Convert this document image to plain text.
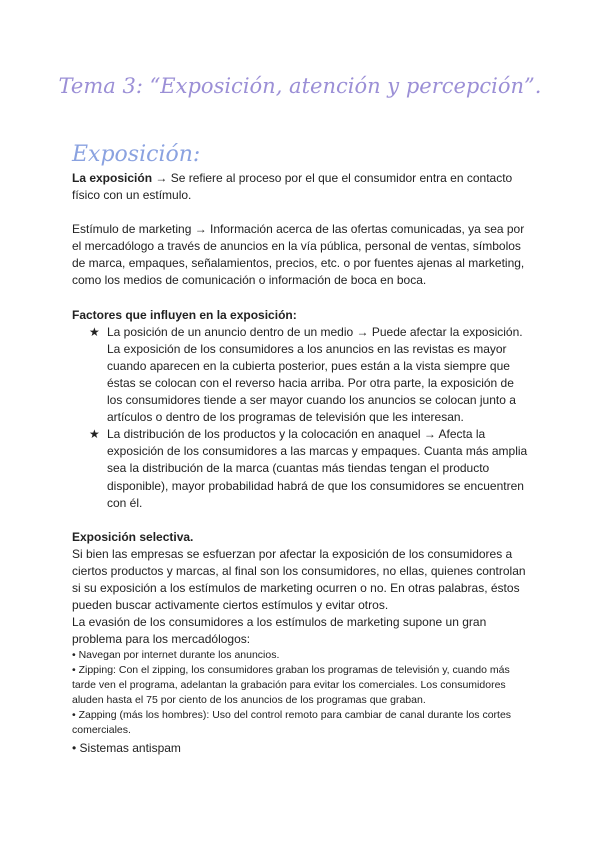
Tema 3: “Exposición, atención y percepción”.
Exposición:

La exposición → Se refiere al proceso por el que el consumidor entra en contacto físico con un estímulo.

Estímulo de marketing → Información acerca de las ofertas comunicadas, ya sea por el mercadólogo a través de anuncios en la vía pública, personal de ventas, símbolos de marca, empaques, señalamientos, precios, etc. o por fuentes ajenas al marketing, como los medios de comunicación o información de boca en boca.

Factores que influyen en la exposición:

★ La posición de un anuncio dentro de un medio → Puede afectar la exposición. La exposición de los consumidores a los anuncios en las revistas es mayor cuando aparecen en la cubierta posterior, pues están a la vista siempre que éstas se colocan con el reverso hacia arriba. Por otra parte, la exposición de los consumidores tiende a ser mayor cuando los anuncios se colocan junto a artículos o dentro de los programas de televisión que les interesan.
★ La distribución de los productos y la colocación en anaquel → Afecta la exposición de los consumidores a las marcas y empaques. Cuanta más amplia sea la distribución de la marca (cuantas más tiendas tengan el producto disponible), mayor probabilidad habrá de que los consumidores se encuentren con él.

Exposición selectiva.

Si bien las empresas se esfuerzan por afectar la exposición de los consumidores a ciertos productos y marcas, al final son los consumidores, no ellas, quienes controlan si su exposición a los estímulos de marketing ocurren o no. En otras palabras, éstos pueden buscar activamente ciertos estímulos y evitar otros.

La evasión de los consumidores a los estímulos de marketing supone un gran problema para los mercadólogos:

• Navegan por internet durante los anuncios.

• Zipping: Con el zipping, los consumidores graban los programas de televisión y, cuando más tarde ven el programa, adelantan la grabación para evitar los comerciales. Los consumidores aluden hasta el 75 por ciento de los anuncios de los programas que graban.

• Zapping (más los hombres): Uso del control remoto para cambiar de canal durante los cortes comerciales.

• Sistemas antispam
